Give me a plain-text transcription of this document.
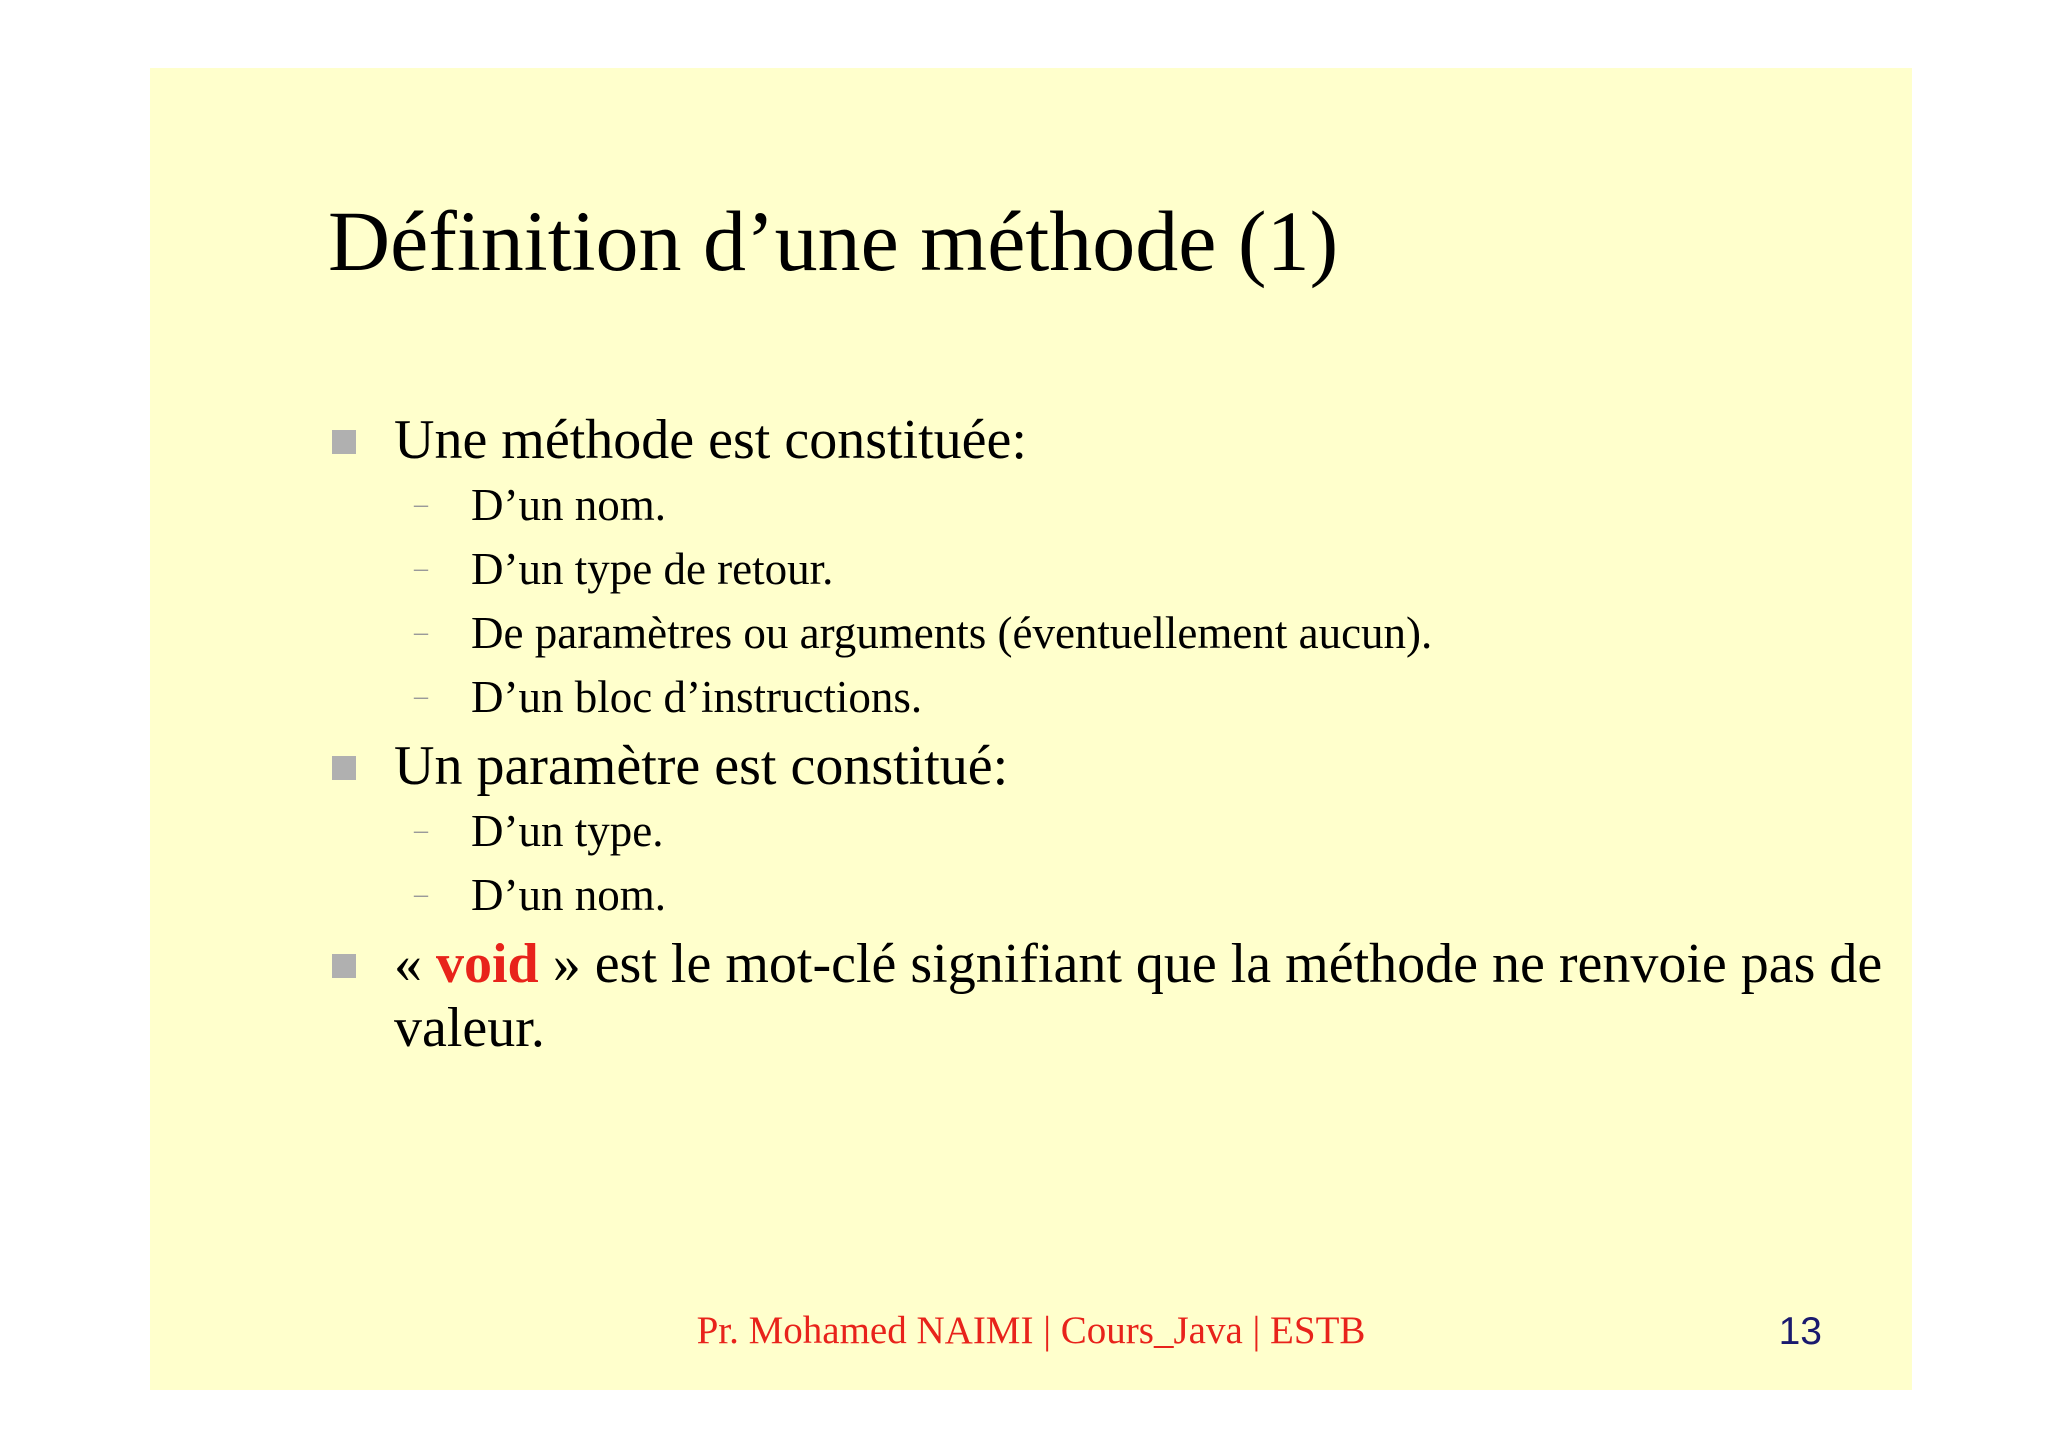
Définition d’une méthode (1)
Une méthode est constituée:
– D’un nom.
– D’un type de retour.
– De paramètres ou arguments (éventuellement aucun).
– D’un bloc d’instructions.
Un paramètre est constitué:
– D’un type.
– D’un nom.
« void » est le mot-clé signifiant que la méthode ne renvoie pas de valeur.
Pr. Mohamed NAIMI | Cours_Java | ESTB	13
